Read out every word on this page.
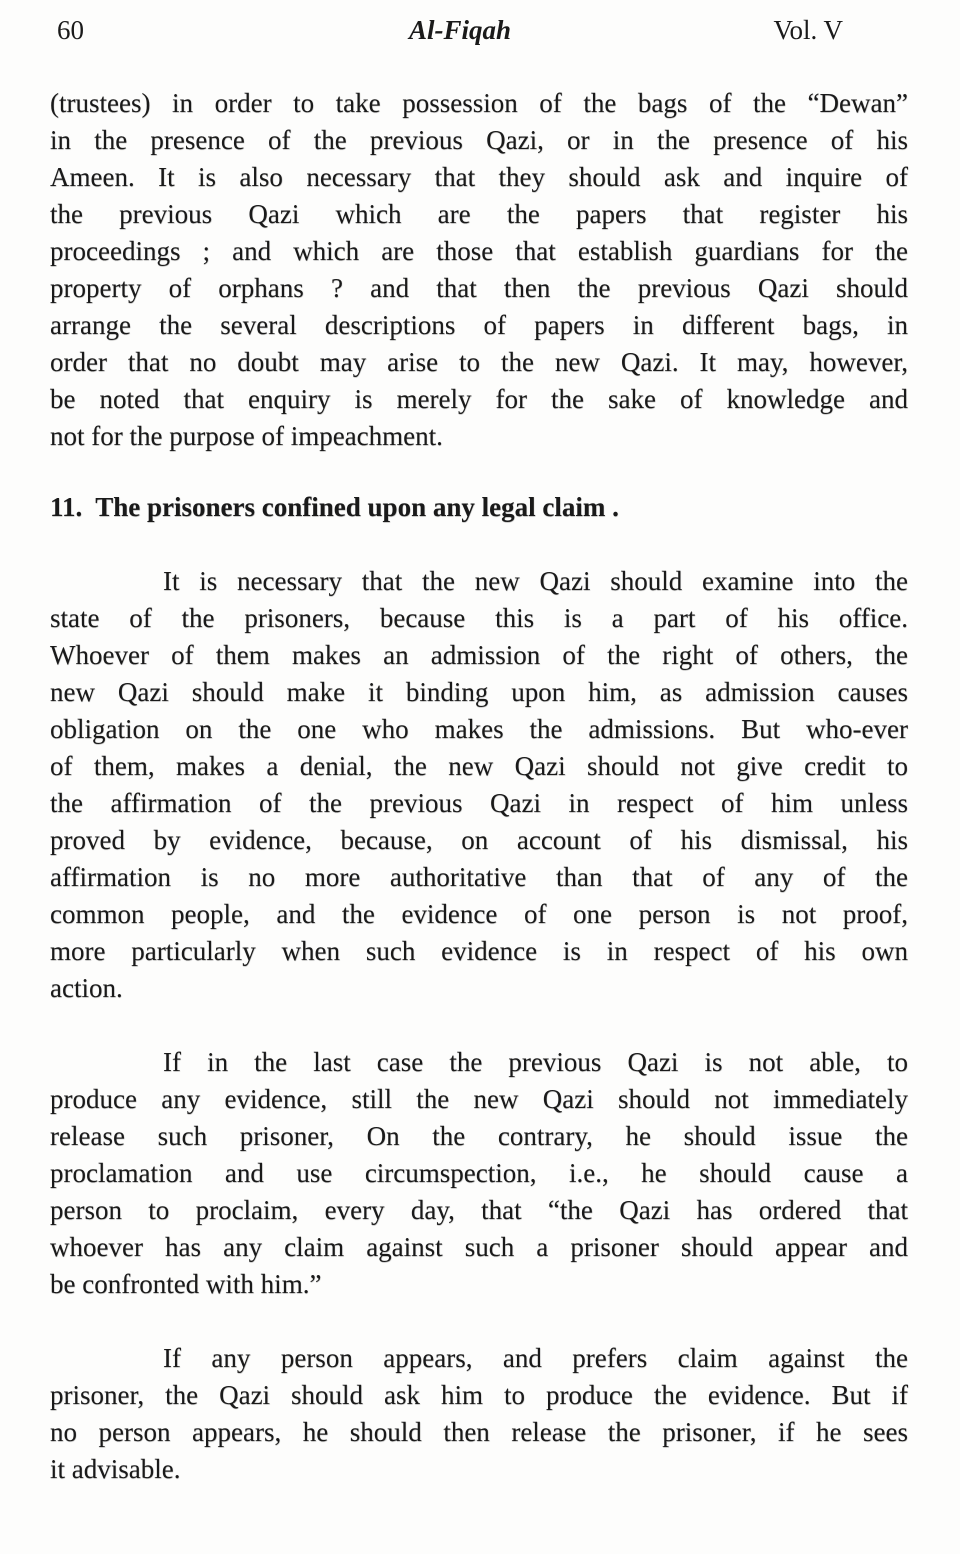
60	Al-Fiqah	Vol. V
(trustees) in order to take possession of the bags of the “Dewan”
in the presence of the previous Qazi, or in the presence of his
Ameen. It is also necessary that they should ask and inquire of
the previous Qazi which are the papers that register his
proceedings ; and which are those that establish guardians for the
property of orphans ? and that then the previous Qazi should
arrange the several descriptions of papers in different bags, in
order that no doubt may arise to the new Qazi. It may, however,
be noted that enquiry is merely for the sake of knowledge and
not for the purpose of impeachment.
11.  The prisoners confined upon any legal claim .
It is necessary that the new Qazi should examine into the
state of the prisoners, because this is a part of his office.
Whoever of them makes an admission of the right of others, the
new Qazi should make it binding upon him, as admission causes
obligation on the one who makes the admissions. But who-ever
of them, makes a denial, the new Qazi should not give credit to
the affirmation of the previous Qazi in respect of him unless
proved by evidence, because, on account of his dismissal, his
affirmation is no more authoritative than that of any of the
common people, and the evidence of one person is not proof,
more particularly when such evidence is in respect of his own
action.
If in the last case the previous Qazi is not able, to
produce any evidence, still the new Qazi should not immediately
release such prisoner, On the contrary, he should issue the
proclamation and use circumspection, i.e., he should cause a
person to proclaim, every day, that “the Qazi has ordered that
whoever has any claim against such a prisoner should appear and
be confronted with him.”
If any person appears, and prefers claim against the
prisoner, the Qazi should ask him to produce the evidence. But if
no person appears, he should then release the prisoner, if he sees
it advisable.
